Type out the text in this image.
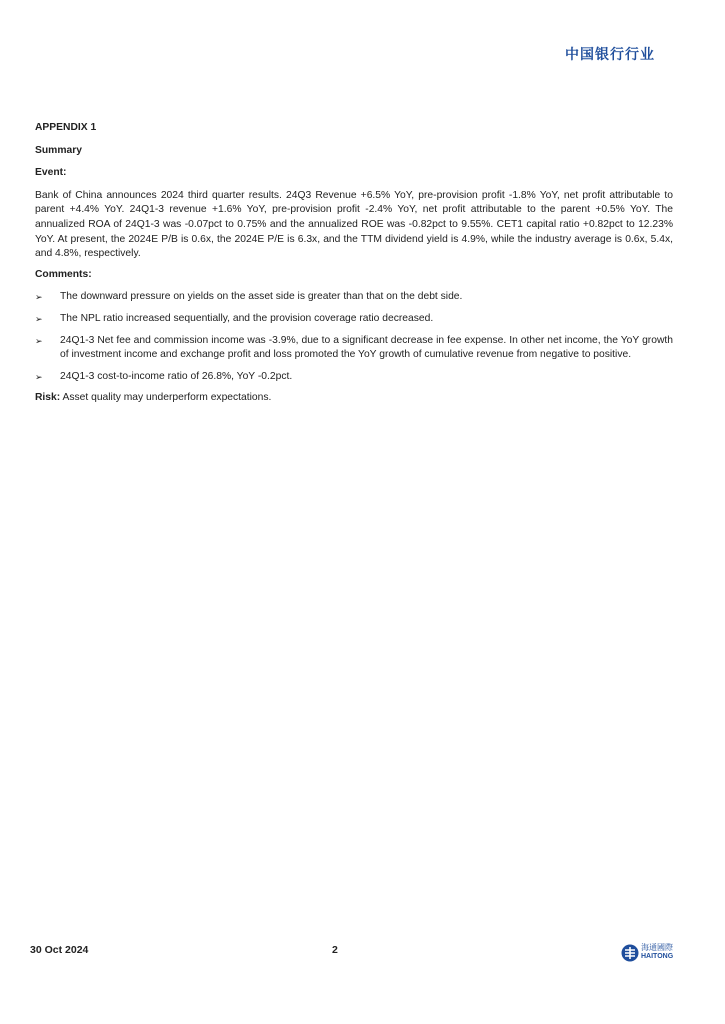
中国银行行业
APPENDIX 1
Summary
Event:

Bank of China announces 2024 third quarter results. 24Q3 Revenue +6.5% YoY, pre-provision profit -1.8% YoY, net profit attributable to parent +4.4% YoY. 24Q1-3 revenue +1.6% YoY, pre-provision profit -2.4% YoY, net profit attributable to the parent +0.5% YoY. The annualized ROA of 24Q1-3 was -0.07pct to 0.75% and the annualized ROE was -0.82pct to 9.55%. CET1 capital ratio +0.82pct to 12.23% YoY. At present, the 2024E P/B is 0.6x, the 2024E P/E is 6.3x, and the TTM dividend yield is 4.9%, while the industry average is 0.6x, 5.4x, and 4.8%, respectively.

Comments:
➢ The downward pressure on yields on the asset side is greater than that on the debt side.
➢ The NPL ratio increased sequentially, and the provision coverage ratio decreased.
➢ 24Q1-3 Net fee and commission income was -3.9%, due to a significant decrease in fee expense. In other net income, the YoY growth of investment income and exchange profit and loss promoted the YoY growth of cumulative revenue from negative to positive.
➢ 24Q1-3 cost-to-income ratio of 26.8%, YoY -0.2pct.

Risk: Asset quality may underperform expectations.

30 Oct 2024	2	海通國際
HAITONG
